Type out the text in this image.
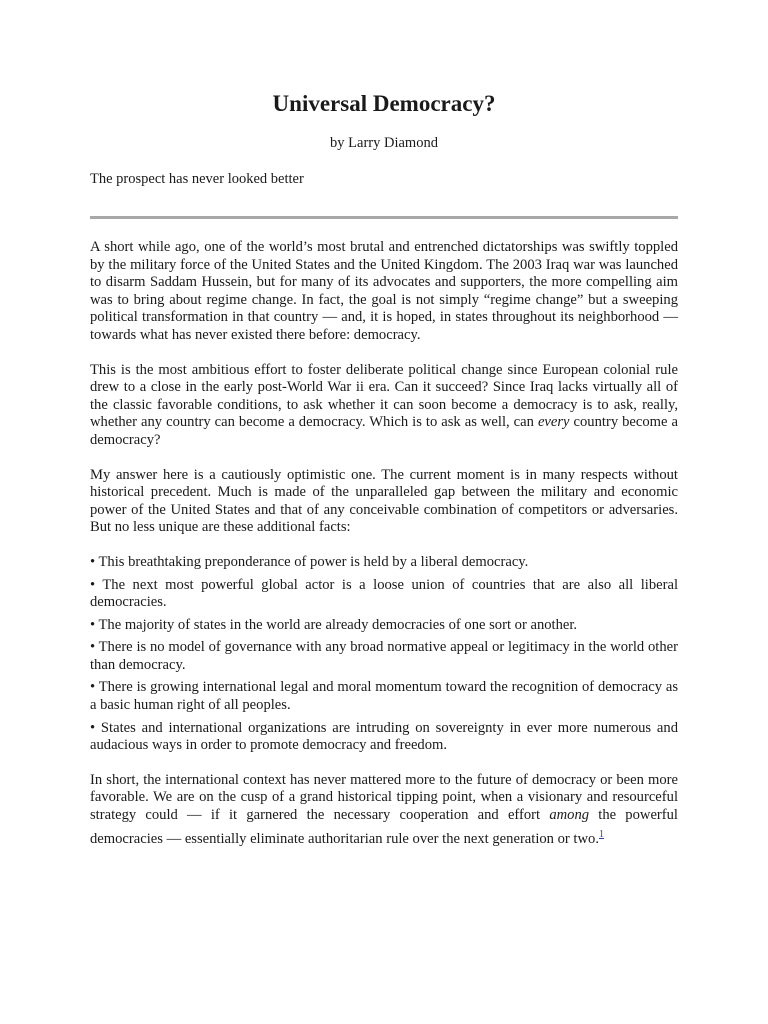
Universal Democracy?
by Larry Diamond
The prospect has never looked better

A short while ago, one of the world’s most brutal and entrenched dictatorships was swiftly toppled by the military force of the United States and the United Kingdom. The 2003 Iraq war was launched to disarm Saddam Hussein, but for many of its advocates and supporters, the more compelling aim was to bring about regime change. In fact, the goal is not simply “regime change” but a sweeping political transformation in that country — and, it is hoped, in states throughout its neighborhood — towards what has never existed there before: democracy.

This is the most ambitious effort to foster deliberate political change since European colonial rule drew to a close in the early post-World War ii era. Can it succeed? Since Iraq lacks virtually all of the classic favorable conditions, to ask whether it can soon become a democracy is to ask, really, whether any country can become a democracy. Which is to ask as well, can every country become a democracy?

My answer here is a cautiously optimistic one. The current moment is in many respects without historical precedent. Much is made of the unparalleled gap between the military and economic power of the United States and that of any conceivable combination of competitors or adversaries. But no less unique are these additional facts:

• This breathtaking preponderance of power is held by a liberal democracy.

• The next most powerful global actor is a loose union of countries that are also all liberal democracies.

• The majority of states in the world are already democracies of one sort or another.

• There is no model of governance with any broad normative appeal or legitimacy in the world other than democracy.

• There is growing international legal and moral momentum toward the recognition of democracy as a basic human right of all peoples.

• States and international organizations are intruding on sovereignty in ever more numerous and audacious ways in order to promote democracy and freedom.

In short, the international context has never mattered more to the future of democracy or been more favorable. We are on the cusp of a grand historical tipping point, when a visionary and resourceful strategy could — if it garnered the necessary cooperation and effort among the powerful democracies — essentially eliminate authoritarian rule over the next generation or two.$^1$
